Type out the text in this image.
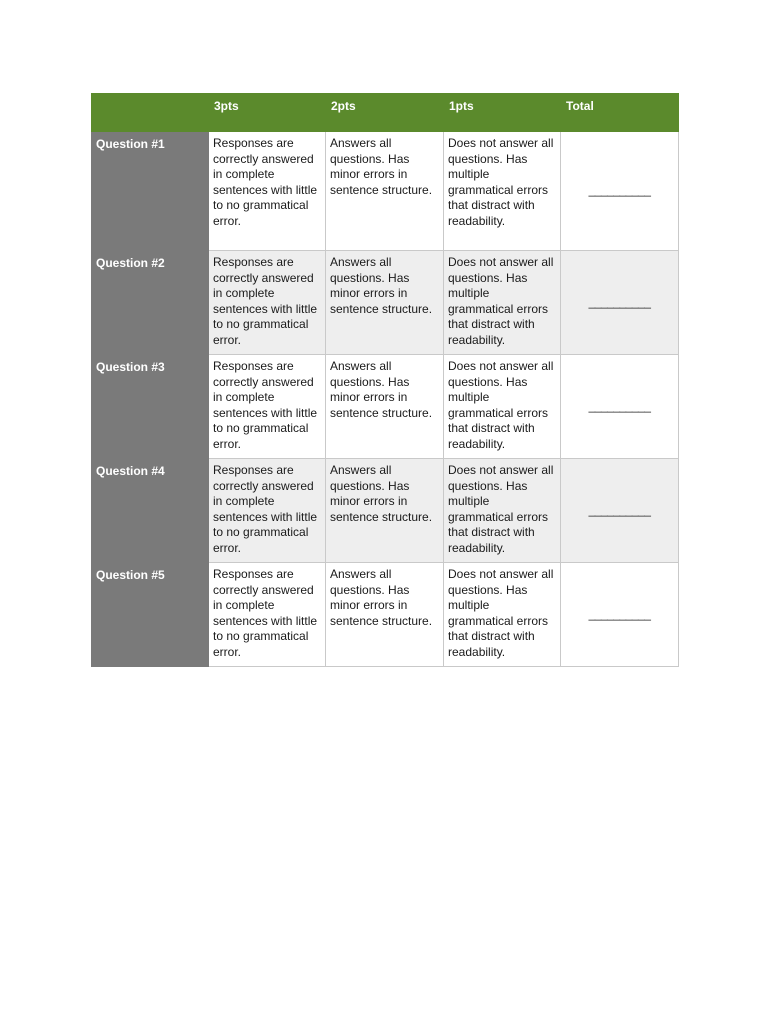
	3pts	2pts	1pts	Total
Question #1	Responses are correctly answered in complete sentences with little to no grammatical error.	Answers all questions. Has minor errors in sentence structure.	Does not answer all questions. Has multiple grammatical errors that distract with readability.	__________
Question #2	Responses are correctly answered in complete sentences with little to no grammatical error.	Answers all questions. Has minor errors in sentence structure.	Does not answer all questions. Has multiple grammatical errors that distract with readability.	__________
Question #3	Responses are correctly answered in complete sentences with little to no grammatical error.	Answers all questions. Has minor errors in sentence structure.	Does not answer all questions. Has multiple grammatical errors that distract with readability.	__________
Question #4	Responses are correctly answered in complete sentences with little to no grammatical error.	Answers all questions. Has minor errors in sentence structure.	Does not answer all questions. Has multiple grammatical errors that distract with readability.	__________
Question #5	Responses are correctly answered in complete sentences with little to no grammatical error.	Answers all questions. Has minor errors in sentence structure.	Does not answer all questions. Has multiple grammatical errors that distract with readability.	__________
